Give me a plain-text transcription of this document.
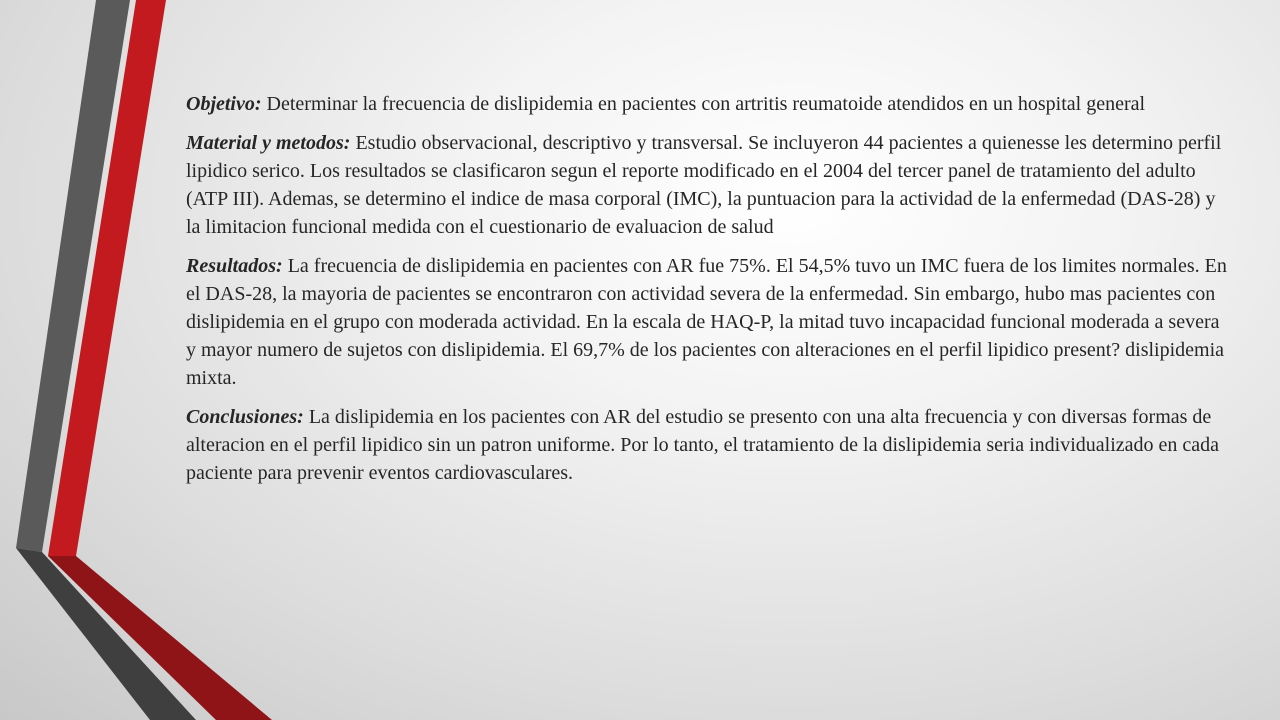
Objetivo: Determinar la frecuencia de dislipidemia en pacientes con artritis reumatoide atendidos en un hospital general

Material y metodos: Estudio observacional, descriptivo y transversal. Se incluyeron 44 pacientes a quienesse les determino perfil lipidico serico. Los resultados se clasificaron segun el reporte modificado en el 2004 del tercer panel de tratamiento del adulto (ATP III). Ademas, se determino el indice de masa corporal (IMC), la puntuacion para la actividad de la enfermedad (DAS-28) y la limitacion funcional medida con el cuestionario de evaluacion de salud

Resultados: La frecuencia de dislipidemia en pacientes con AR fue 75%. El 54,5% tuvo un IMC fuera de los limites normales. En el DAS-28, la mayoria de pacientes se encontraron con actividad severa de la enfermedad. Sin embargo, hubo mas pacientes con dislipidemia en el grupo con moderada actividad. En la escala de HAQ-P, la mitad tuvo incapacidad funcional moderada a severa y mayor numero de sujetos con dislipidemia. El 69,7% de los pacientes con alteraciones en el perfil lipidico present? dislipidemia mixta.

Conclusiones: La dislipidemia en los pacientes con AR del estudio se presento con una alta frecuencia y con diversas formas de alteracion en el perfil lipidico sin un patron uniforme. Por lo tanto, el tratamiento de la dislipidemia seria individualizado en cada paciente para prevenir eventos cardiovasculares.
